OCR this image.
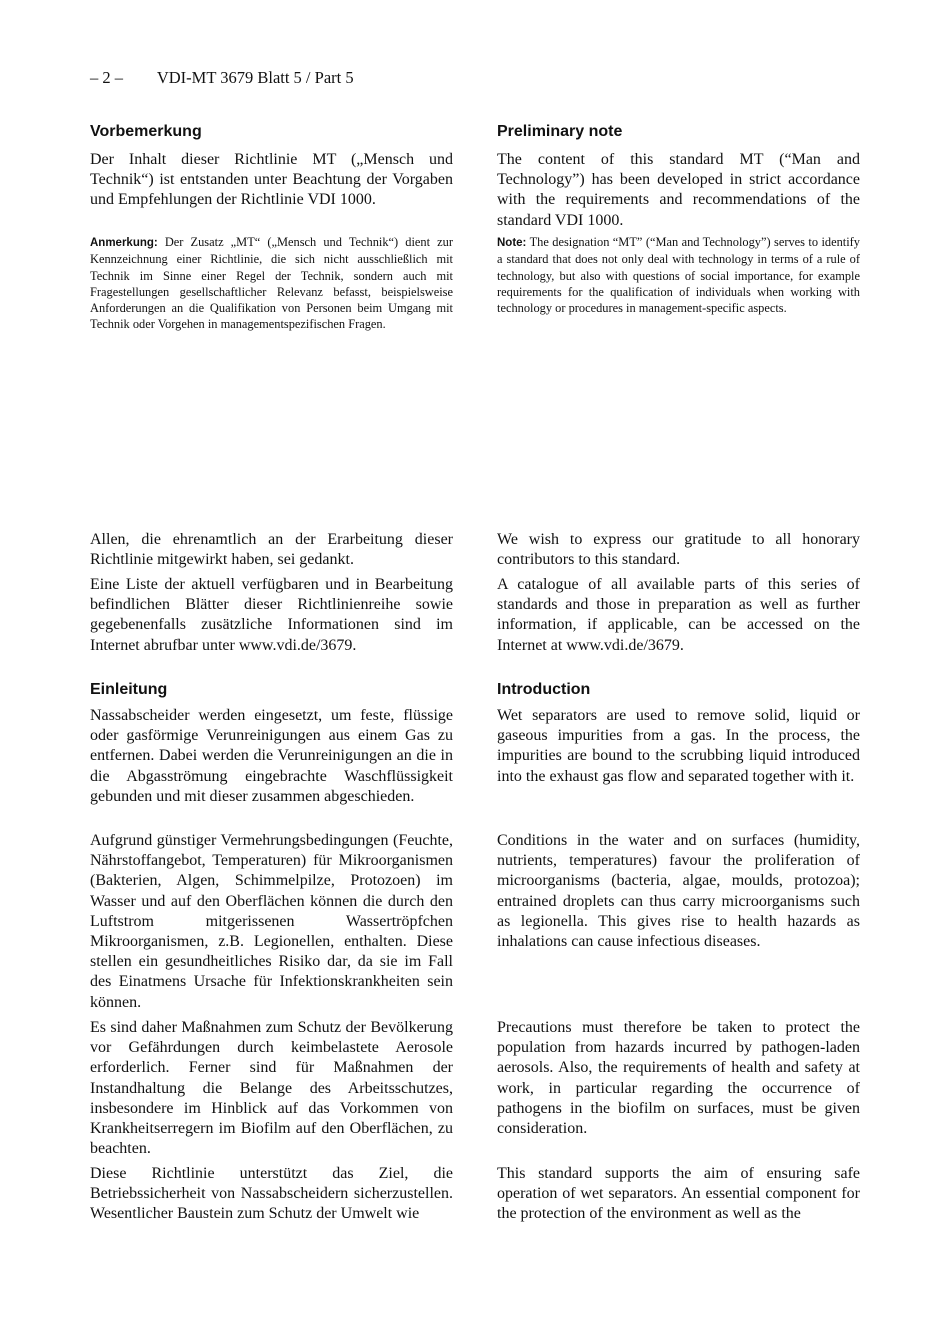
– 2 – VDI-MT 3679 Blatt 5 / Part 5
Vorbemerkung

Der Inhalt dieser Richtlinie MT („Mensch und Technik“) ist entstanden unter Beachtung der Vorgaben und Empfehlungen der Richtlinie VDI 1000.

Anmerkung: Der Zusatz „MT“ („Mensch und Technik“) dient zur Kennzeichnung einer Richtlinie, die sich nicht ausschließlich mit Technik im Sinne einer Regel der Technik, sondern auch mit Fragestellungen gesellschaftlicher Relevanz befasst, beispielsweise Anforderungen an die Qualifikation von Personen beim Umgang mit Technik oder Vorgehen in managementspezifischen Fragen.

Allen, die ehrenamtlich an der Erarbeitung dieser Richtlinie mitgewirkt haben, sei gedankt.

Eine Liste der aktuell verfügbaren und in Bearbeitung befindlichen Blätter dieser Richtlinienreihe sowie gegebenenfalls zusätzliche Informationen sind im Internet abrufbar unter www.vdi.de/3679.

Einleitung

Nassabscheider werden eingesetzt, um feste, flüssige oder gasförmige Verunreinigungen aus einem Gas zu entfernen. Dabei werden die Verunreinigungen an die in die Abgasströmung eingebrachte Waschflüssigkeit gebunden und mit dieser zusammen abgeschieden.

Aufgrund günstiger Vermehrungsbedingungen (Feuchte, Nährstoffangebot, Temperaturen) für Mikroorganismen (Bakterien, Algen, Schimmelpilze, Protozoen) im Wasser und auf den Oberflächen können die durch den Luftstrom mitgerissenen Wassertröpfchen Mikroorganismen, z.B. Legionellen, enthalten. Diese stellen ein gesundheitliches Risiko dar, da sie im Fall des Einatmens Ursache für Infektionskrankheiten sein können.

Es sind daher Maßnahmen zum Schutz der Bevölkerung vor Gefährdungen durch keimbelastete Aerosole erforderlich. Ferner sind für Maßnahmen der Instandhaltung die Belange des Arbeitsschutzes, insbesondere im Hinblick auf das Vorkommen von Krankheitserregern im Biofilm auf den Oberflächen, zu beachten.

Diese Richtlinie unterstützt das Ziel, die Betriebssicherheit von Nassabscheidern sicherzustellen. Wesentlicher Baustein zum Schutz der Umwelt wie

Preliminary note

The content of this standard MT (“Man and Technology”) has been developed in strict accordance with the requirements and recommendations of the standard VDI 1000.

Note: The designation “MT” (“Man and Technology”) serves to identify a standard that does not only deal with technology in terms of a rule of technology, but also with questions of social importance, for example requirements for the qualification of individuals when working with technology or procedures in management-specific aspects.

We wish to express our gratitude to all honorary contributors to this standard.

A catalogue of all available parts of this series of standards and those in preparation as well as further information, if applicable, can be accessed on the Internet at www.vdi.de/3679.

Introduction

Wet separators are used to remove solid, liquid or gaseous impurities from a gas. In the process, the impurities are bound to the scrubbing liquid introduced into the exhaust gas flow and separated together with it.

Conditions in the water and on surfaces (humidity, nutrients, temperatures) favour the proliferation of microorganisms (bacteria, algae, moulds, protozoa); entrained droplets can thus carry microorganisms such as legionella. This gives rise to health hazards as inhalations can cause infectious diseases.

Precautions must therefore be taken to protect the population from hazards incurred by pathogen-laden aerosols. Also, the requirements of health and safety at work, in particular regarding the occurrence of pathogens in the biofilm on surfaces, must be given consideration.

This standard supports the aim of ensuring safe operation of wet separators. An essential component for the protection of the environment as well as the
